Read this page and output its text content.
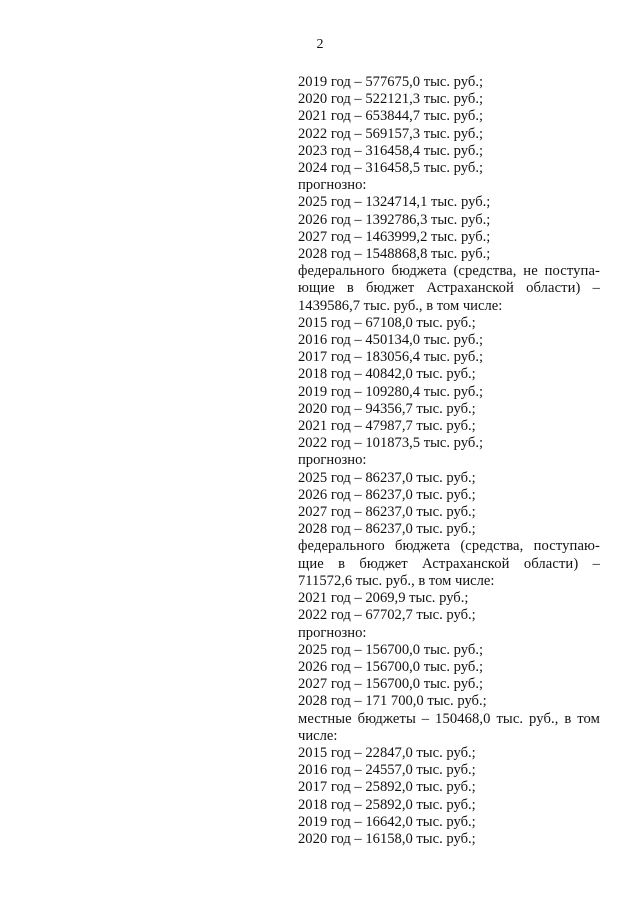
2

2019 год – 577675,0 тыс. руб.;

2020 год – 522121,3 тыс. руб.;

2021 год – 653844,7 тыс. руб.;

2022 год – 569157,3 тыс. руб.;

2023 год – 316458,4 тыс. руб.;

2024 год – 316458,5 тыс. руб.;

прогнозно:

2025 год – 1324714,1 тыс. руб.;

2026 год – 1392786,3 тыс. руб.;

2027 год – 1463999,2 тыс. руб.;

2028 год – 1548868,8 тыс. руб.;

федерального бюджета (средства, не поступа-

ющие в бюджет Астраханской области) –

1439586,7 тыс. руб., в том числе:

2015 год – 67108,0 тыс. руб.;

2016 год – 450134,0 тыс. руб.;

2017 год – 183056,4 тыс. руб.;

2018 год – 40842,0 тыс. руб.;

2019 год – 109280,4 тыс. руб.;

2020 год – 94356,7 тыс. руб.;

2021 год – 47987,7 тыс. руб.;

2022 год – 101873,5 тыс. руб.;

прогнозно:

2025 год – 86237,0 тыс. руб.;

2026 год – 86237,0 тыс. руб.;

2027 год – 86237,0 тыс. руб.;

2028 год – 86237,0 тыс. руб.;

федерального бюджета (средства, поступаю-

щие в бюджет Астраханской области) –

711572,6 тыс. руб., в том числе:

2021 год – 2069,9 тыс. руб.;

2022 год – 67702,7 тыс. руб.;

прогнозно:

2025 год – 156700,0 тыс. руб.;

2026 год – 156700,0 тыс. руб.;

2027 год – 156700,0 тыс. руб.;

2028 год – 171 700,0 тыс. руб.;

местные бюджеты – 150468,0 тыс. руб., в том

числе:

2015 год – 22847,0 тыс. руб.;

2016 год – 24557,0 тыс. руб.;

2017 год – 25892,0 тыс. руб.;

2018 год – 25892,0 тыс. руб.;

2019 год – 16642,0 тыс. руб.;

2020 год – 16158,0 тыс. руб.;
